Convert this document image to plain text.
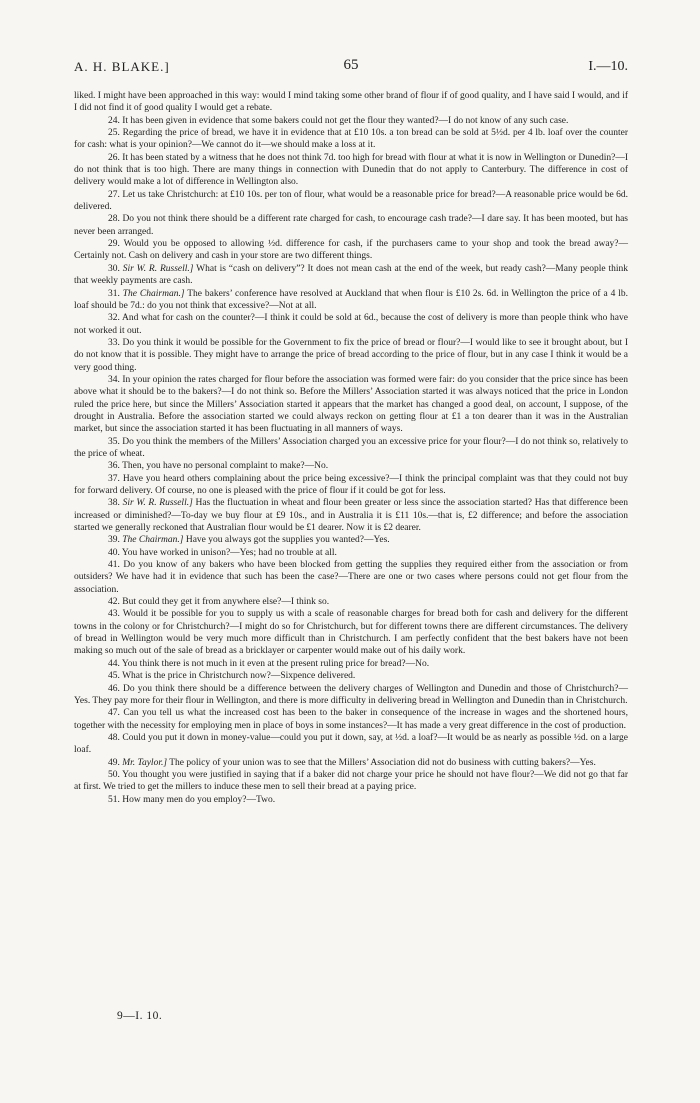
A. H. BLAKE.]	65	I.—10.

liked. I might have been approached in this way: would I mind taking some other brand of flour if of good quality, and I have said I would, and if I did not find it of good quality I would get a rebate.

24. It has been given in evidence that some bakers could not get the flour they wanted?—I do not know of any such case.

25. Regarding the price of bread, we have it in evidence that at £10 10s. a ton bread can be sold at 5½d. per 4 lb. loaf over the counter for cash: what is your opinion?—We cannot do it—we should make a loss at it.

26. It has been stated by a witness that he does not think 7d. too high for bread with flour at what it is now in Wellington or Dunedin?—I do not think that is too high. There are many things in connection with Dunedin that do not apply to Canterbury. The difference in cost of delivery would make a lot of difference in Wellington also.

27. Let us take Christchurch: at £10 10s. per ton of flour, what would be a reasonable price for bread?—A reasonable price would be 6d. delivered.

28. Do you not think there should be a different rate charged for cash, to encourage cash trade?—I dare say. It has been mooted, but has never been arranged.

29. Would you be opposed to allowing ½d. difference for cash, if the purchasers came to your shop and took the bread away?—Certainly not. Cash on delivery and cash in your store are two different things.

30. Sir W. R. Russell.] What is “cash on delivery”? It does not mean cash at the end of the week, but ready cash?—Many people think that weekly payments are cash.

31. The Chairman.] The bakers’ conference have resolved at Auckland that when flour is £10 2s. 6d. in Wellington the price of a 4 lb. loaf should be 7d.: do you not think that excessive?—Not at all.

32. And what for cash on the counter?—I think it could be sold at 6d., because the cost of delivery is more than people think who have not worked it out.

33. Do you think it would be possible for the Government to fix the price of bread or flour?—I would like to see it brought about, but I do not know that it is possible. They might have to arrange the price of bread according to the price of flour, but in any case I think it would be a very good thing.

34. In your opinion the rates charged for flour before the association was formed were fair: do you consider that the price since has been above what it should be to the bakers?—I do not think so. Before the Millers’ Association started it was always noticed that the price in London ruled the price here, but since the Millers’ Association started it appears that the market has changed a good deal, on account, I suppose, of the drought in Australia. Before the association started we could always reckon on getting flour at £1 a ton dearer than it was in the Australian market, but since the association started it has been fluctuating in all manners of ways.

35. Do you think the members of the Millers’ Association charged you an excessive price for your flour?—I do not think so, relatively to the price of wheat.

36. Then, you have no personal complaint to make?—No.

37. Have you heard others complaining about the price being excessive?—I think the principal complaint was that they could not buy for forward delivery. Of course, no one is pleased with the price of flour if it could be got for less.

38. Sir W. R. Russell.] Has the fluctuation in wheat and flour been greater or less since the association started? Has that difference been increased or diminished?—To-day we buy flour at £9 10s., and in Australia it is £11 10s.—that is, £2 difference; and before the association started we generally reckoned that Australian flour would be £1 dearer. Now it is £2 dearer.

39. The Chairman.] Have you always got the supplies you wanted?—Yes.

40. You have worked in unison?—Yes; had no trouble at all.

41. Do you know of any bakers who have been blocked from getting the supplies they required either from the association or from outsiders? We have had it in evidence that such has been the case?—There are one or two cases where persons could not get flour from the association.

42. But could they get it from anywhere else?—I think so.

43. Would it be possible for you to supply us with a scale of reasonable charges for bread both for cash and delivery for the different towns in the colony or for Christchurch?—I might do so for Christchurch, but for different towns there are different circumstances. The delivery of bread in Wellington would be very much more difficult than in Christchurch. I am perfectly confident that the best bakers have not been making so much out of the sale of bread as a bricklayer or carpenter would make out of his daily work.

44. You think there is not much in it even at the present ruling price for bread?—No.

45. What is the price in Christchurch now?—Sixpence delivered.

46. Do you think there should be a difference between the delivery charges of Wellington and Dunedin and those of Christchurch?—Yes. They pay more for their flour in Wellington, and there is more difficulty in delivering bread in Wellington and Dunedin than in Christchurch.

47. Can you tell us what the increased cost has been to the baker in consequence of the increase in wages and the shortened hours, together with the necessity for employing men in place of boys in some instances?—It has made a very great difference in the cost of production.

48. Could you put it down in money-value—could you put it down, say, at ½d. a loaf?—It would be as nearly as possible ½d. on a large loaf.

49. Mr. Taylor.] The policy of your union was to see that the Millers’ Association did not do business with cutting bakers?—Yes.

50. You thought you were justified in saying that if a baker did not charge your price he should not have flour?—We did not go that far at first. We tried to get the millers to induce these men to sell their bread at a paying price.

51. How many men do you employ?—Two.

9—I. 10.
